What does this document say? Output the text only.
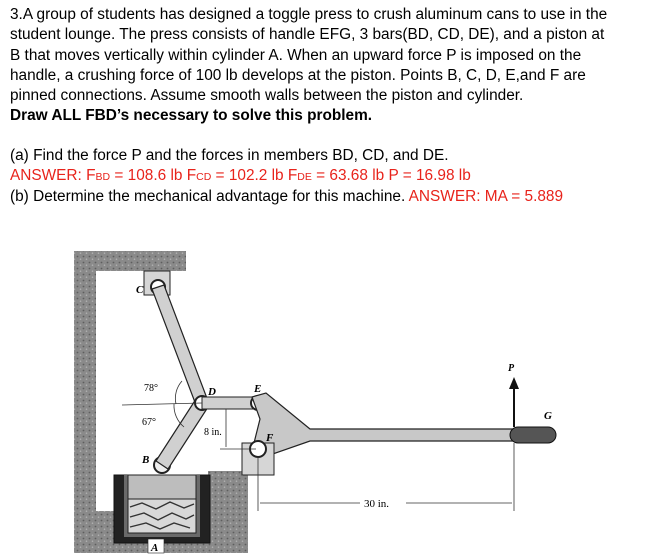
3.A group of students has designed a toggle press to crush aluminum cans to use in the

student lounge. The press consists of handle EFG, 3 bars(BD, CD, DE), and a piston at

B that moves vertically within cylinder A. When an upward force P is imposed on the

handle, a crushing force of 100 lb develops at the piston. Points B, C, D, E,and F are

pinned connections. Assume smooth walls between the piston and cylinder.

Draw ALL FBD’s necessary to solve this problem.

(a) Find the force P and the forces in members BD, CD, and DE.

ANSWER: FBD = 108.6 lb FCD = 102.2 lb FDE = 63.68 lb P = 16.98 lb

(b) Determine the mechanical advantage for this machine. ANSWER: MA = 5.889

C
78°	D	E
67°
8 in.	F
B
P
G
30 in.
A
